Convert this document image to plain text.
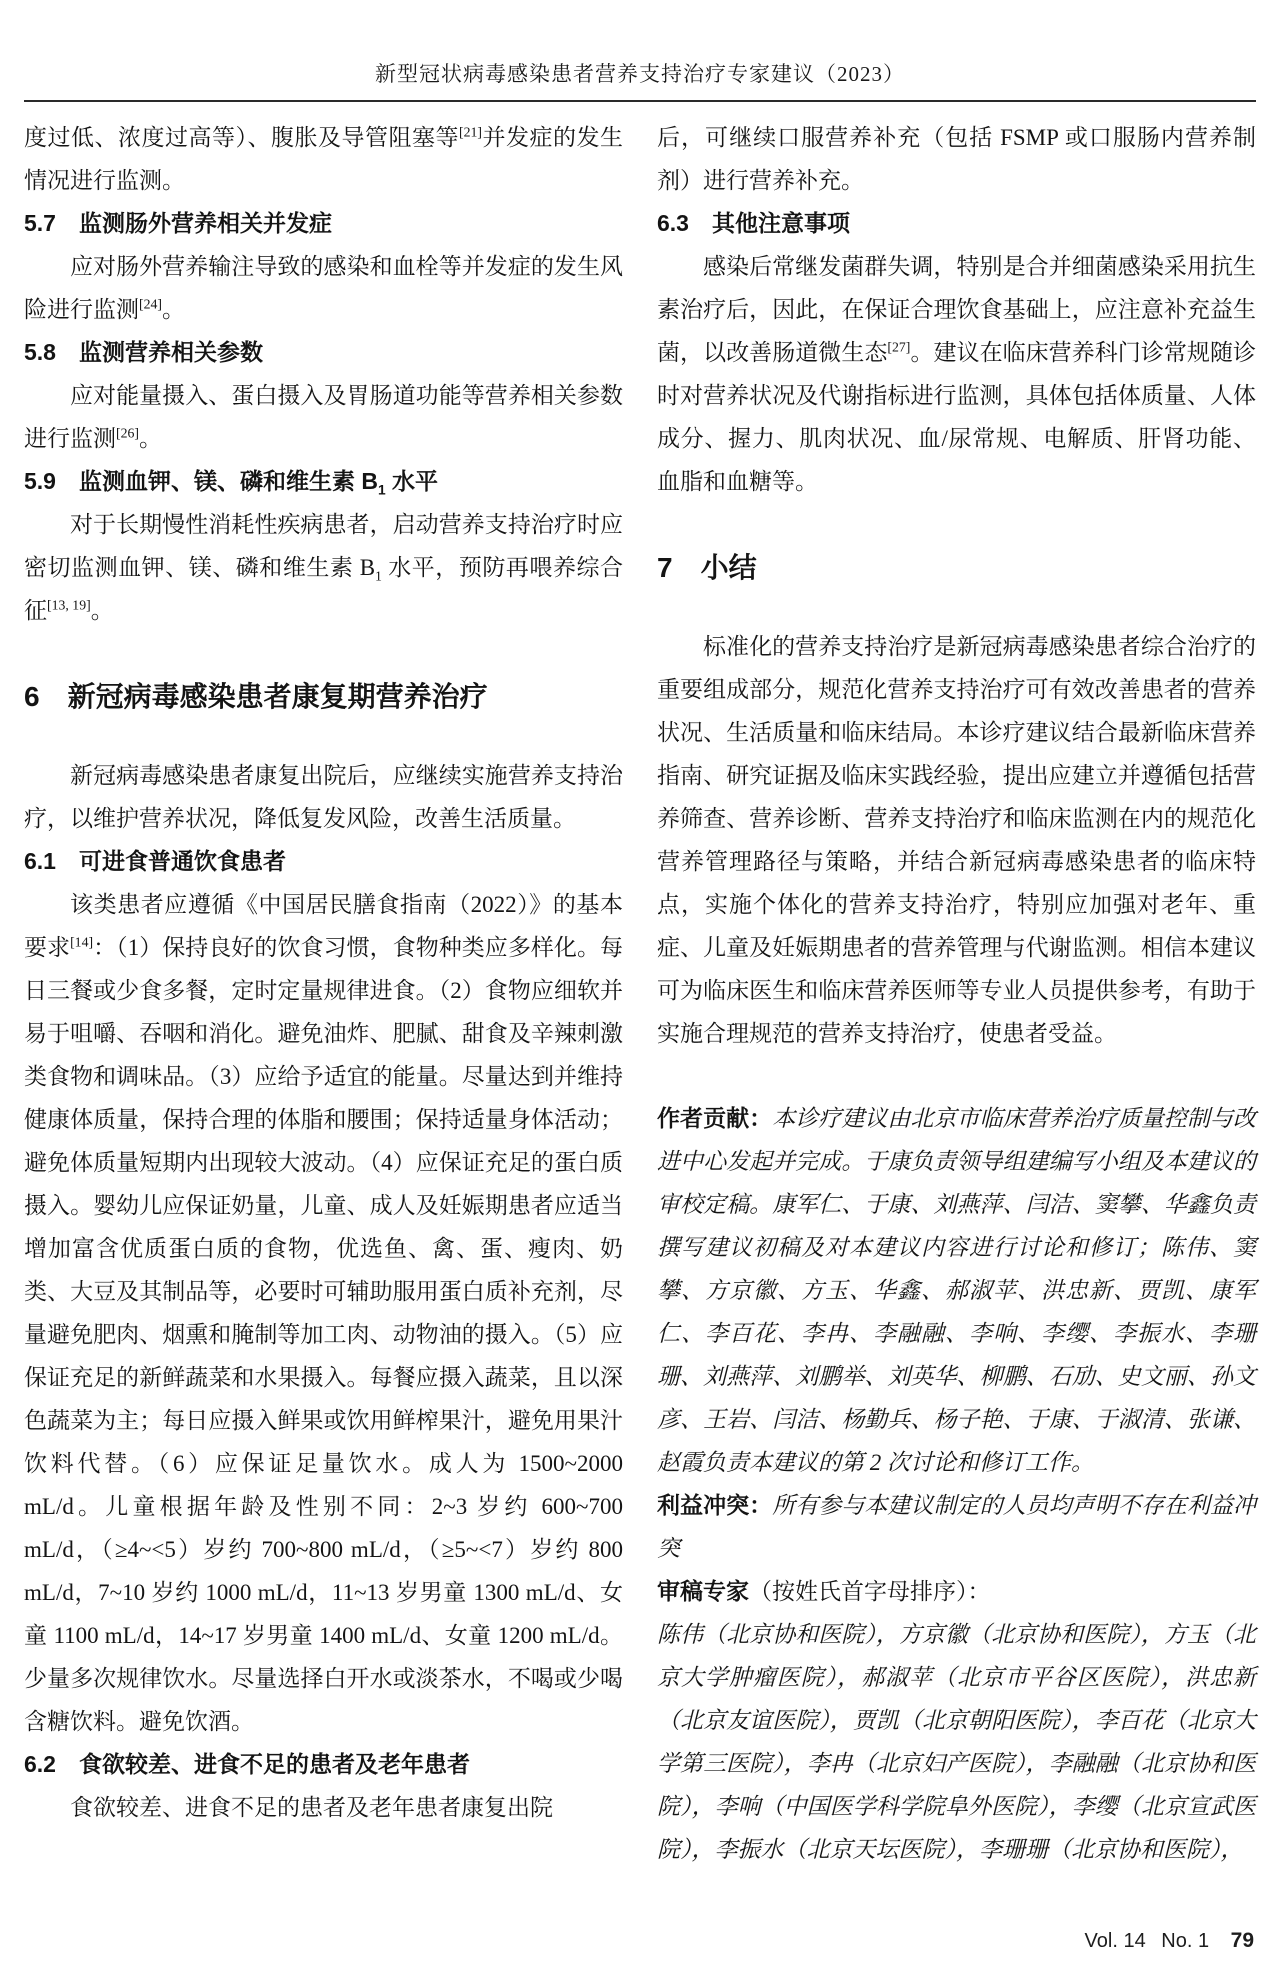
新型冠状病毒感染患者营养支持治疗专家建议（2023）
度过低、浓度过高等）、腹胀及导管阻塞等[21]并发症的发生情况进行监测。
5.7　监测肠外营养相关并发症
应对肠外营养输注导致的感染和血栓等并发症的发生风险进行监测[24]。
5.8　监测营养相关参数
应对能量摄入、蛋白摄入及胃肠道功能等营养相关参数进行监测[26]。
5.9　监测血钾、镁、磷和维生素 $B_1$ 水平
对于长期慢性消耗性疾病患者，启动营养支持治疗时应密切监测血钾、镁、磷和维生素 $B_1$ 水平，预防再喂养综合征[13, 19]。
6　新冠病毒感染患者康复期营养治疗
新冠病毒感染患者康复出院后，应继续实施营养支持治疗，以维护营养状况，降低复发风险，改善生活质量。
6.1　可进食普通饮食患者
该类患者应遵循《中国居民膳食指南（2022）》的基本要求[14]：（1）保持良好的饮食习惯，食物种类应多样化。每日三餐或少食多餐，定时定量规律进食。（2）食物应细软并易于咀嚼、吞咽和消化。避免油炸、肥腻、甜食及辛辣刺激类食物和调味品。（3）应给予适宜的能量。尽量达到并维持健康体质量，保持合理的体脂和腰围；保持适量身体活动；避免体质量短期内出现较大波动。（4）应保证充足的蛋白质摄入。婴幼儿应保证奶量，儿童、成人及妊娠期患者应适当增加富含优质蛋白质的食物，优选鱼、禽、蛋、瘦肉、奶类、大豆及其制品等，必要时可辅助服用蛋白质补充剂，尽量避免肥肉、烟熏和腌制等加工肉、动物油的摄入。（5）应保证充足的新鲜蔬菜和水果摄入。每餐应摄入蔬菜，且以深色蔬菜为主；每日应摄入鲜果或饮用鲜榨果汁，避免用果汁饮料代替。（6）应保证足量饮水。成人为 1500~2000 mL/d。儿童根据年龄及性别不同：2~3 岁约 600~700 mL/d，（≥4~<5）岁约 700~800 mL/d，（≥5~<7）岁约 800 mL/d，7~10 岁约 1000 mL/d，11~13 岁男童 1300 mL/d、女童 1100 mL/d，14~17 岁男童 1400 mL/d、女童 1200 mL/d。少量多次规律饮水。尽量选择白开水或淡茶水，不喝或少喝含糖饮料。避免饮酒。
6.2　食欲较差、进食不足的患者及老年患者
食欲较差、进食不足的患者及老年患者康复出院
后，可继续口服营养补充（包括 FSMP 或口服肠内营养制剂）进行营养补充。
6.3　其他注意事项
感染后常继发菌群失调，特别是合并细菌感染采用抗生素治疗后，因此，在保证合理饮食基础上，应注意补充益生菌，以改善肠道微生态[27]。建议在临床营养科门诊常规随诊时对营养状况及代谢指标进行监测，具体包括体质量、人体成分、握力、肌肉状况、血/尿常规、电解质、肝肾功能、血脂和血糖等。
7　小结
标准化的营养支持治疗是新冠病毒感染患者综合治疗的重要组成部分，规范化营养支持治疗可有效改善患者的营养状况、生活质量和临床结局。本诊疗建议结合最新临床营养指南、研究证据及临床实践经验，提出应建立并遵循包括营养筛查、营养诊断、营养支持治疗和临床监测在内的规范化营养管理路径与策略，并结合新冠病毒感染患者的临床特点，实施个体化的营养支持治疗，特别应加强对老年、重症、儿童及妊娠期患者的营养管理与代谢监测。相信本建议可为临床医生和临床营养医师等专业人员提供参考，有助于实施合理规范的营养支持治疗，使患者受益。
作者贡献：本诊疗建议由北京市临床营养治疗质量控制与改进中心发起并完成。于康负责领导组建编写小组及本建议的审校定稿。康军仁、于康、刘燕萍、闫洁、窦攀、华鑫负责撰写建议初稿及对本建议内容进行讨论和修订；陈伟、窦攀、方京徽、方玉、华鑫、郝淑苹、洪忠新、贾凯、康军仁、李百花、李冉、李融融、李响、李缨、李振水、李珊珊、刘燕萍、刘鹏举、刘英华、柳鹏、石劢、史文丽、孙文彦、王岩、闫洁、杨勤兵、杨子艳、于康、于淑清、张谦、赵霞负责本建议的第 2 次讨论和修订工作。
利益冲突：所有参与本建议制定的人员均声明不存在利益冲突
审稿专家（按姓氏首字母排序）：
陈伟（北京协和医院），方京徽（北京协和医院），方玉（北京大学肿瘤医院），郝淑苹（北京市平谷区医院），洪忠新（北京友谊医院），贾凯（北京朝阳医院），李百花（北京大学第三医院），李冉（北京妇产医院），李融融（北京协和医院），李响（中国医学科学院阜外医院），李缨（北京宣武医院），李振水（北京天坛医院），李珊珊（北京协和医院），
Vol. 14 No. 1 79
